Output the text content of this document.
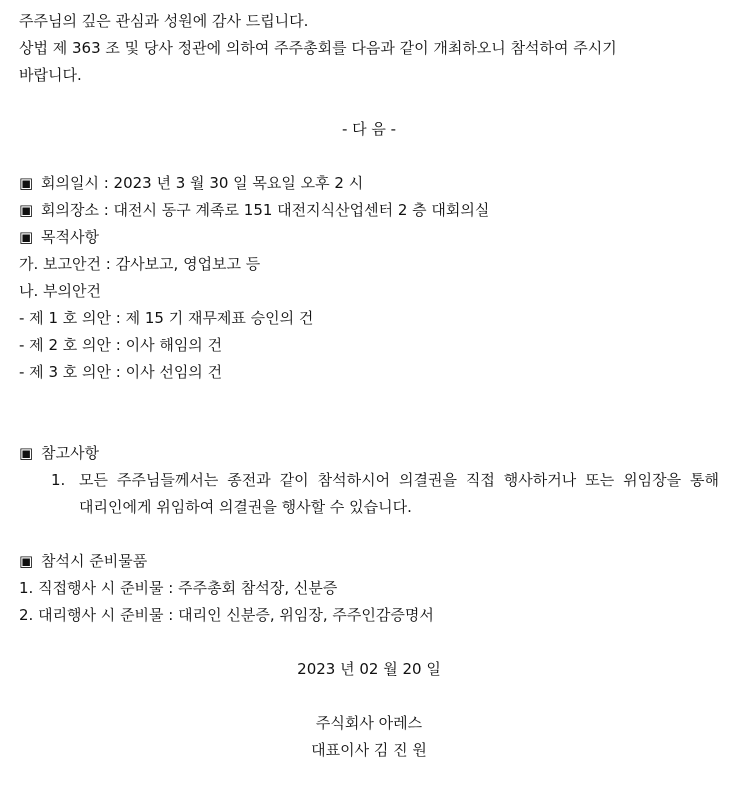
주주님의 깊은 관심과 성원에 감사 드립니다.
상법 제 363 조 및 당사 정관에 의하여 주주총회를 다음과 같이 개최하오니 참석하여 주시기
바랍니다.
- 다 음 -
▣ 회의일시 : 2023 년 3 월 30 일 목요일 오후 2 시
▣ 회의장소 : 대전시 동구 계족로 151 대전지식산업센터 2 층 대회의실
▣ 목적사항
가. 보고안건 : 감사보고, 영업보고 등
나. 부의안건
- 제 1 호 의안 : 제 15 기 재무제표 승인의 건
- 제 2 호 의안 : 이사 해임의 건
- 제 3 호 의안 : 이사 선임의 건
▣ 참고사항
1. 모든 주주님들께서는 종전과 같이 참석하시어 의결권을 직접 행사하거나 또는 위임장을 통해 대리인에게 위임하여 의결권을 행사할 수 있습니다.
▣ 참석시 준비물품
1. 직접행사 시 준비물 : 주주총회 참석장, 신분증
2. 대리행사 시 준비물 : 대리인 신분증, 위임장, 주주인감증명서
2023 년 02 월 20 일
주식회사 아레스
대표이사 김 진 원
